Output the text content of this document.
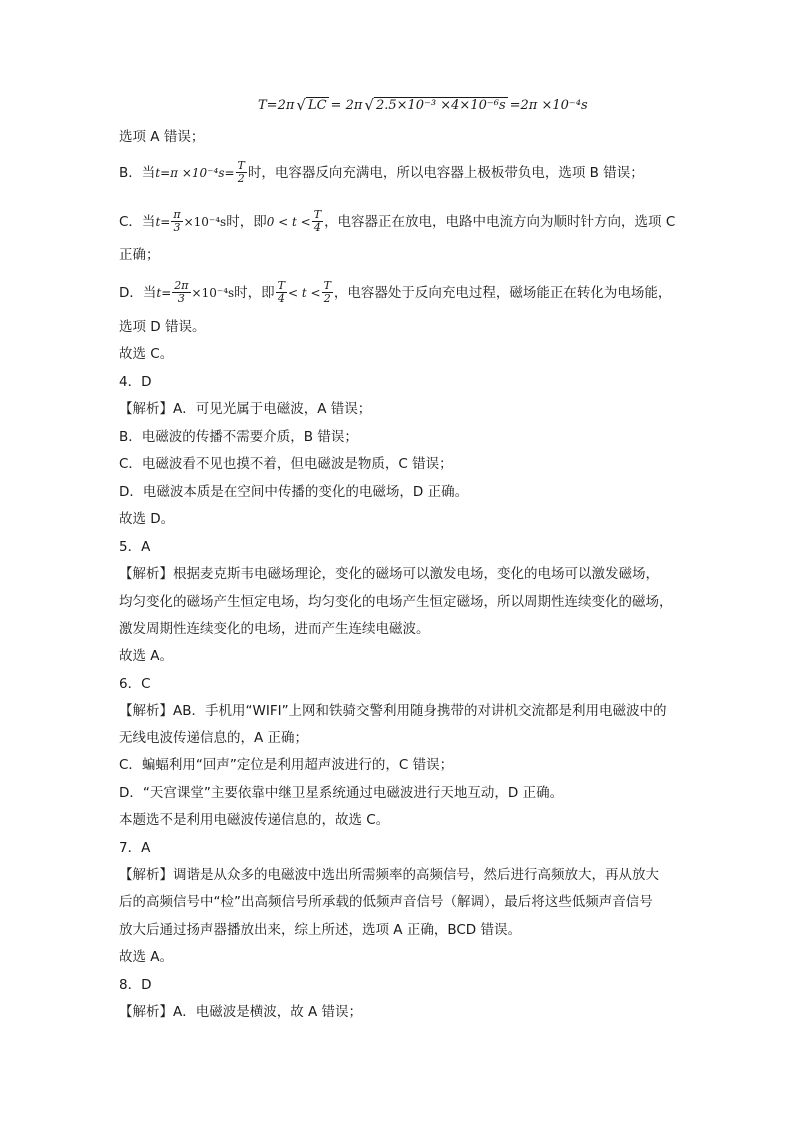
T =2π √ LC = 2π √ 2.5×10⁻³ ×4×10⁻⁶s =2π ×10⁻⁴s
选项 A 错误；
B．当 $t=\pi \times 10^{-4}s= \frac{T}{2}$ 时，电容器反向充满电，所以电容器上极板带负电，选项 B 错误；
C．当 $t= \frac{\pi}{3} \times 10^{-4}s$ 时，即 $0 < t < \frac{T}{4}$ ，电容器正在放电，电路中电流方向为顺时针方向，选项 C
正确；
D．当 $t= \frac{2\pi}{3} \times 10^{-4}s$ 时，即 $\frac{T}{4} < t < \frac{T}{2}$ ，电容器处于反向充电过程，磁场能正在转化为电场能，
选项 D 错误。
故选 C。
4．D
【解析】A．可见光属于电磁波，A 错误；
B．电磁波的传播不需要介质，B 错误；
C．电磁波看不见也摸不着，但电磁波是物质，C 错误；
D．电磁波本质是在空间中传播的变化的电磁场，D 正确。
故选 D。
5．A
【解析】根据麦克斯韦电磁场理论，变化的磁场可以激发电场，变化的电场可以激发磁场，
均匀变化的磁场产生恒定电场，均匀变化的电场产生恒定磁场，所以周期性连续变化的磁场，
激发周期性连续变化的电场，进而产生连续电磁波。
故选 A。
6．C
【解析】AB．手机用“WIFI”上网和铁骑交警利用随身携带的对讲机交流都是利用电磁波中的
无线电波传递信息的，A 正确；
C．蝙蝠利用“回声”定位是利用超声波进行的，C 错误；
D．“天宫课堂”主要依靠中继卫星系统通过电磁波进行天地互动，D 正确。
本题选不是利用电磁波传递信息的，故选 C。
7．A
【解析】调谐是从众多的电磁波中选出所需频率的高频信号，然后进行高频放大，再从放大
后的高频信号中“检”出高频信号所承载的低频声音信号（解调），最后将这些低频声音信号
放大后通过扬声器播放出来，综上所述，选项 A 正确，BCD 错误。
故选 A。
8．D
【解析】A．电磁波是横波，故 A 错误；
